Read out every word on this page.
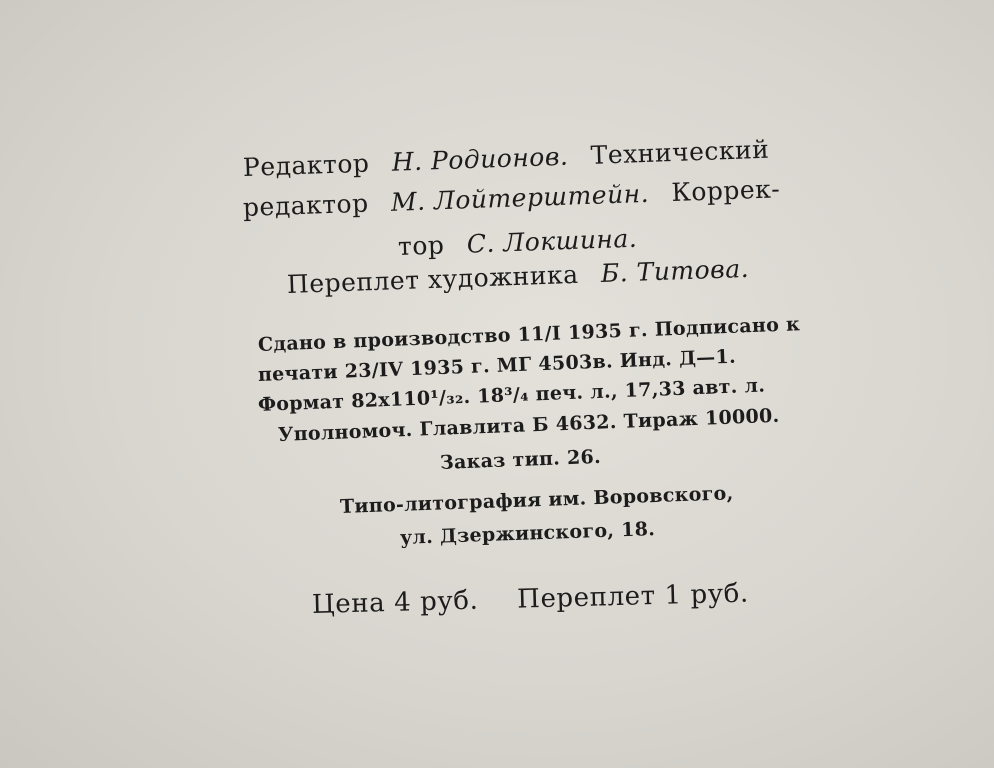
Редактор Н. Родионов. Технический
редактор М. Лойтерштейн. Коррек-
тор С. Локшина.
Переплет художника Б. Титова.
Сдано в производство 11/I 1935 г. Подписано к
печати 23/IV 1935 г. МГ 4503в. Инд. Д—1.
Формат 82х110¹/₃₂. 18³/₄ печ. л., 17,33 авт. л.
Уполномоч. Главлита Б 4632. Тираж 10000.
Заказ тип. 26.
Типо-литография им. Воровского,
ул. Дзержинского, 18.
Цена 4 руб. Переплет 1 руб.
